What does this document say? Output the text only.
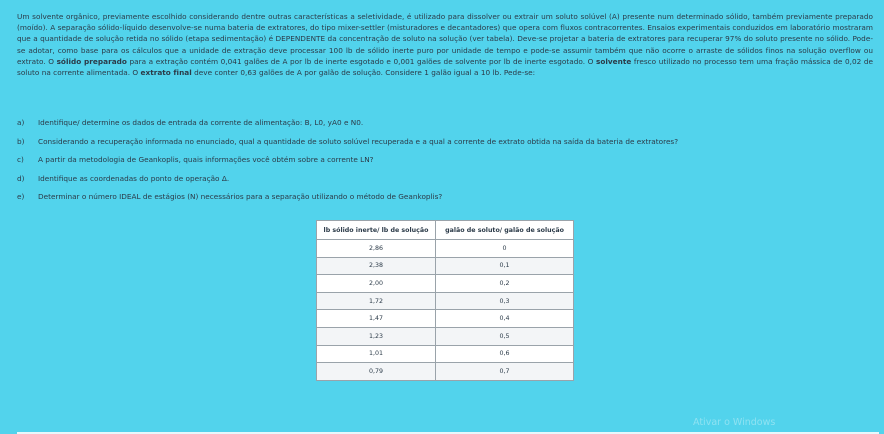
Um solvente orgânico, previamente escolhido considerando dentre outras características a seletividade, é utilizado para dissolver ou extrair um soluto solúvel (A) presente num determinado sólido, também previamente preparado (moído). A separação sólido-líquido desenvolve-se numa bateria de extratores, do tipo mixer-settler (misturadores e decantadores) que opera com fluxos contracorrentes. Ensaios experimentais conduzidos em laboratório mostraram que a quantidade de solução retida no sólido (etapa sedimentação) é DEPENDENTE da concentração de soluto na solução (ver tabela). Deve-se projetar a bateria de extratores para recuperar 97% do soluto presente no sólido. Pode-se adotar, como base para os cálculos que a unidade de extração deve processar 100 lb de sólido inerte puro por unidade de tempo e pode-se assumir também que não ocorre o arraste de sólidos finos na solução overflow ou extrato. O sólido preparado para a extração contém 0,041 galões de A por lb de inerte esgotado e 0,001 galões de solvente por lb de inerte esgotado. O solvente fresco utilizado no processo tem uma fração mássica de 0,02 de soluto na corrente alimentada. O extrato final deve conter 0,63 galões de A por galão de solução. Considere 1 galão igual a 10 lb. Pede-se:

a)	Identifique/ determine os dados de entrada da corrente de alimentação: B, L0, yA0 e N0.
b)	Considerando a recuperação informada no enunciado, qual a quantidade de soluto solúvel recuperada e a qual a corrente de extrato obtida na saída da bateria de extratores?
c)	A partir da metodologia de Geankoplis, quais informações você obtém sobre a corrente LN?
d)	Identifique as coordenadas do ponto de operação Δ.
e)	Determinar o número IDEAL de estágios (N) necessários para a separação utilizando o método de Geankoplis?
lb sólido inerte/ lb de solução	galão de soluto/ galão de solução
2,86	0
2,38	0,1
2,00	0,2
1,72	0,3
1,47	0,4
1,23	0,5
1,01	0,6
0,79	0,7
Ativar o Windows
